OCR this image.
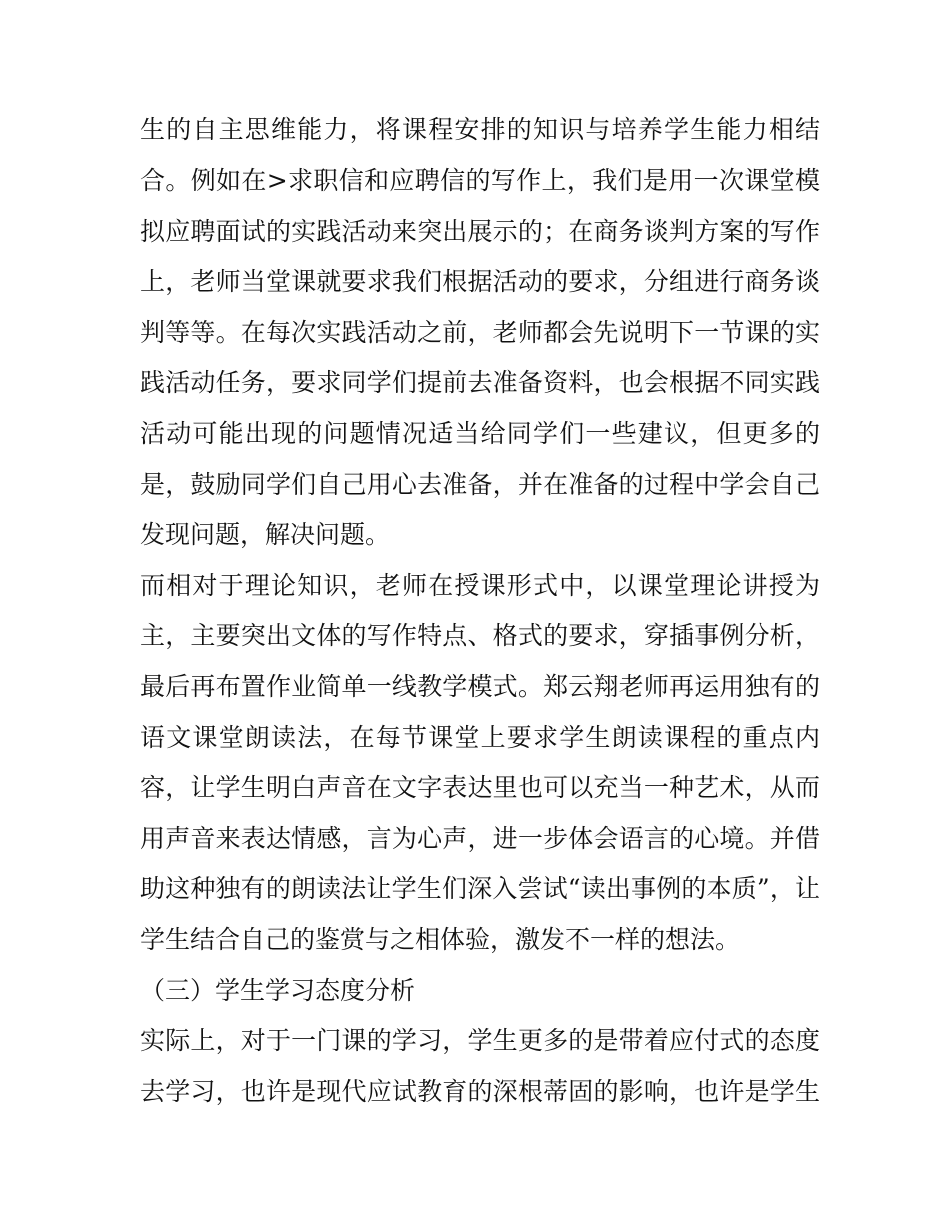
生的自主思维能力，将课程安排的知识与培养学生能力相结

合。例如在>求职信和应聘信的写作上，我们是用一次课堂模

拟应聘面试的实践活动来突出展示的；在商务谈判方案的写作

上，老师当堂课就要求我们根据活动的要求，分组进行商务谈

判等等。在每次实践活动之前，老师都会先说明下一节课的实

践活动任务，要求同学们提前去准备资料，也会根据不同实践

活动可能出现的问题情况适当给同学们一些建议，但更多的

是，鼓励同学们自己用心去准备，并在准备的过程中学会自己

发现问题，解决问题。

而相对于理论知识，老师在授课形式中，以课堂理论讲授为

主，主要突出文体的写作特点、格式的要求，穿插事例分析，

最后再布置作业简单一线教学模式。郑云翔老师再运用独有的

语文课堂朗读法，在每节课堂上要求学生朗读课程的重点内

容，让学生明白声音在文字表达里也可以充当一种艺术，从而

用声音来表达情感，言为心声，进一步体会语言的心境。并借

助这种独有的朗读法让学生们深入尝试“读出事例的本质”，让

学生结合自己的鉴赏与之相体验，激发不一样的想法。

（三）学生学习态度分析

实际上，对于一门课的学习，学生更多的是带着应付式的态度

去学习，也许是现代应试教育的深根蒂固的影响，也许是学生
